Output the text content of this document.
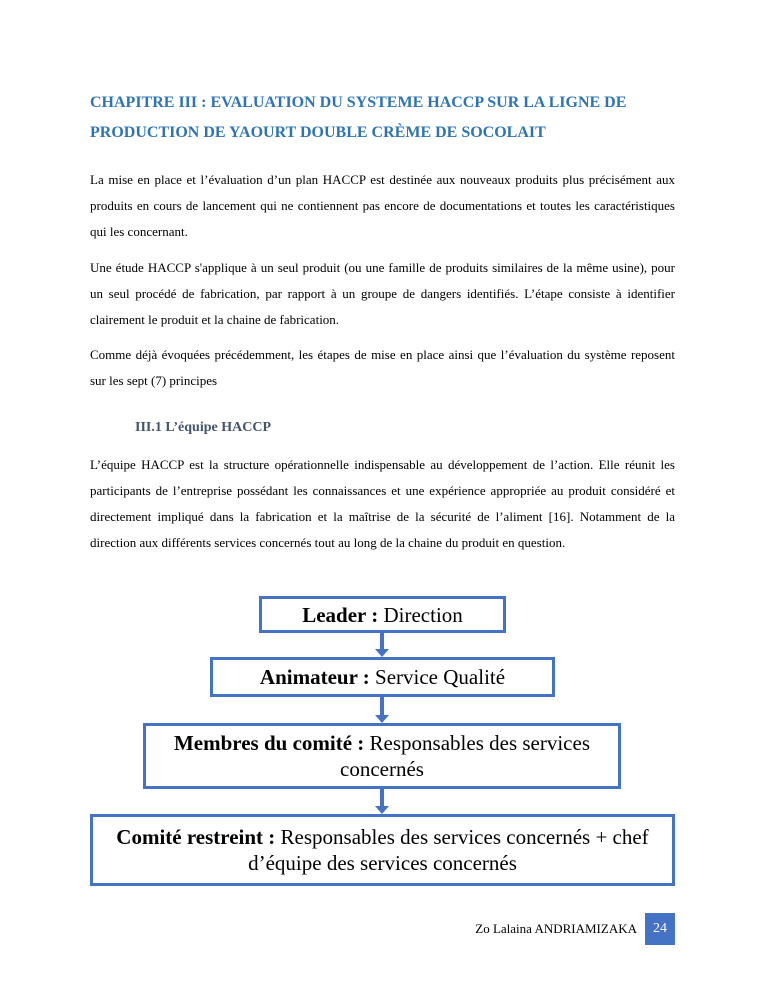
CHAPITRE III : EVALUATION DU SYSTEME HACCP SUR LA LIGNE DE PRODUCTION DE YAOURT DOUBLE CRÈME DE SOCOLAIT

La mise en place et l’évaluation d’un plan HACCP est destinée aux nouveaux produits plus précisément aux produits en cours de lancement qui ne contiennent pas encore de documentations et toutes les caractéristiques qui les concernant.

Une étude HACCP s'applique à un seul produit (ou une famille de produits similaires de la même usine), pour un seul procédé de fabrication, par rapport à un groupe de dangers identifiés. L’étape consiste à identifier clairement le produit et la chaine de fabrication.

Comme déjà évoquées précédemment, les étapes de mise en place ainsi que l’évaluation du système reposent sur les sept (7) principes

III.1 L’équipe HACCP

L’équipe HACCP est la structure opérationnelle indispensable au développement de l’action. Elle réunit les participants de l’entreprise possédant les connaissances et une expérience appropriée au produit considéré et directement impliqué dans la fabrication et la maîtrise de la sécurité de l’aliment [16]. Notamment de la direction aux différents services concernés tout au long de la chaine du produit en question.

Leader : Direction
Animateur : Service Qualité
Membres du comité : Responsables des services concernés
Comité restreint : Responsables des services concernés + chef d’équipe des services concernés
Zo Lalaina ANDRIAMIZAKA	24
